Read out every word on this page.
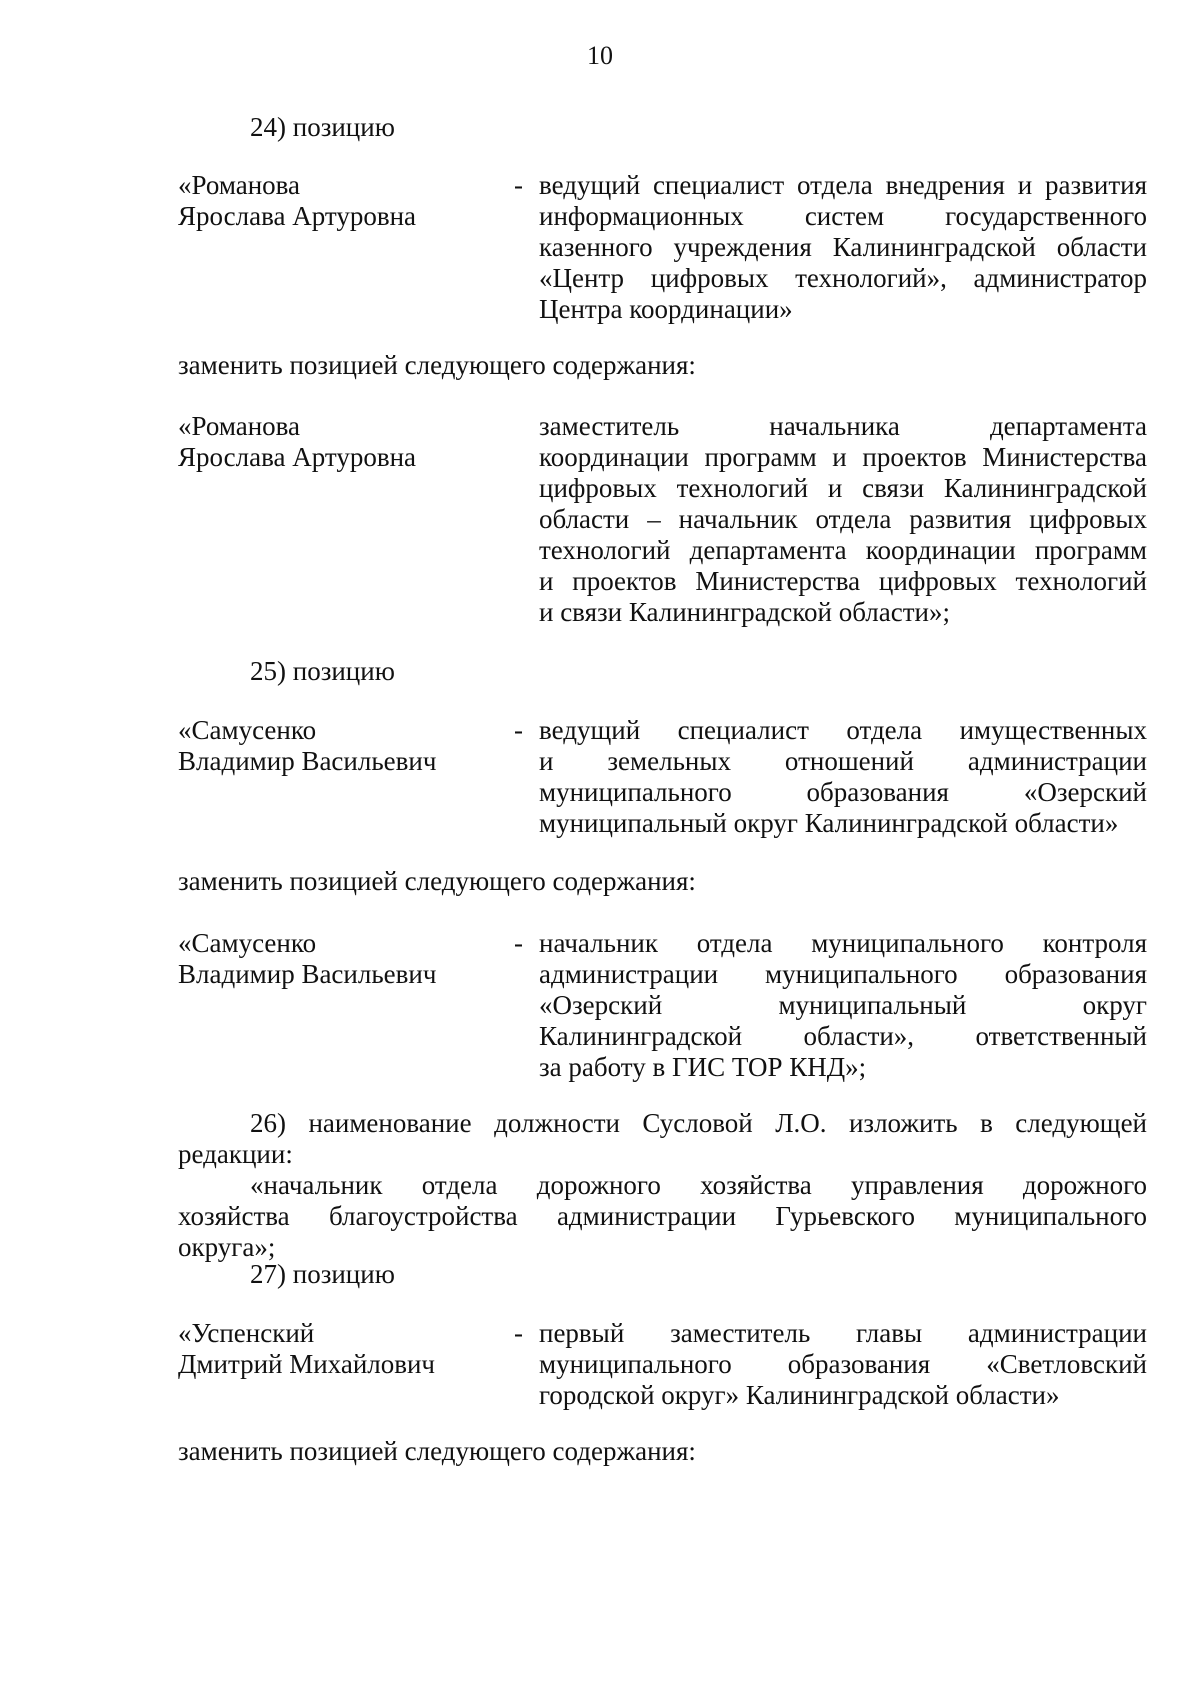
10
24) позицию
«Романова
Ярослава Артуровна
- ведущий специалист отдела внедрения и развития
информационных систем государственного
казенного учреждения Калининградской области
«Центр цифровых технологий», администратор
Центра координации»
заменить позицией следующего содержания:
«Романова
Ярослава Артуровна
заместитель начальника департамента
координации программ и проектов Министерства
цифровых технологий и связи Калининградской
области – начальник отдела развития цифровых
технологий департамента координации программ
и проектов Министерства цифровых технологий
и связи Калининградской области»;
25) позицию
«Самусенко
Владимир Васильевич
- ведущий специалист отдела имущественных
и земельных отношений администрации
муниципального образования «Озерский
муниципальный округ Калининградской области»
заменить позицией следующего содержания:
«Самусенко
Владимир Васильевич
- начальник отдела муниципального контроля
администрации муниципального образования
«Озерский муниципальный округ
Калининградской области», ответственный
за работу в ГИС ТОР КНД»;
26) наименование должности Сусловой Л.О. изложить в следующей
редакции:
«начальник отдела дорожного хозяйства управления дорожного
хозяйства благоустройства администрации Гурьевского муниципального
округа»;
27) позицию
«Успенский
Дмитрий Михайлович
- первый заместитель главы администрации
муниципального образования «Светловский
городской округ» Калининградской области»
заменить позицией следующего содержания:
